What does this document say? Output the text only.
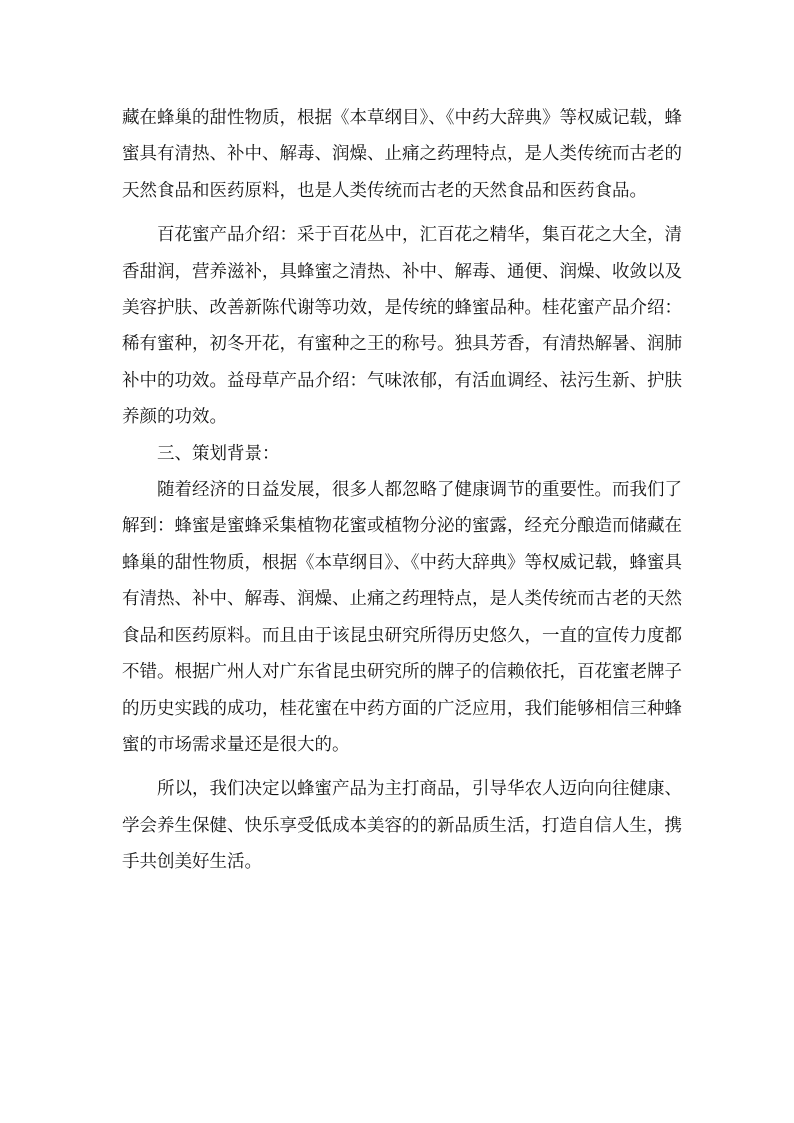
藏在蜂巢的甜性物质，根据《本草纲目》、《中药大辞典》等权威记载，蜂蜜具有清热、补中、解毒、润燥、止痛之药理特点，是人类传统而古老的天然食品和医药原料，也是人类传统而古老的天然食品和医药食品。

百花蜜产品介绍：采于百花丛中，汇百花之精华，集百花之大全，清香甜润，营养滋补，具蜂蜜之清热、补中、解毒、通便、润燥、收敛以及美容护肤、改善新陈代谢等功效，是传统的蜂蜜品种。桂花蜜产品介绍：稀有蜜种，初冬开花，有蜜种之王的称号。独具芳香，有清热解暑、润肺补中的功效。益母草产品介绍：气味浓郁，有活血调经、祛污生新、护肤养颜的功效。

三、策划背景：

随着经济的日益发展，很多人都忽略了健康调节的重要性。而我们了解到：蜂蜜是蜜蜂采集植物花蜜或植物分泌的蜜露，经充分酿造而储藏在蜂巢的甜性物质，根据《本草纲目》、《中药大辞典》等权威记载，蜂蜜具有清热、补中、解毒、润燥、止痛之药理特点，是人类传统而古老的天然食品和医药原料。而且由于该昆虫研究所得历史悠久，一直的宣传力度都不错。根据广州人对广东省昆虫研究所的牌子的信赖依托，百花蜜老牌子的历史实践的成功，桂花蜜在中药方面的广泛应用，我们能够相信三种蜂蜜的市场需求量还是很大的。

所以，我们决定以蜂蜜产品为主打商品，引导华农人迈向向往健康、学会养生保健、快乐享受低成本美容的的新品质生活，打造自信人生，携手共创美好生活。
